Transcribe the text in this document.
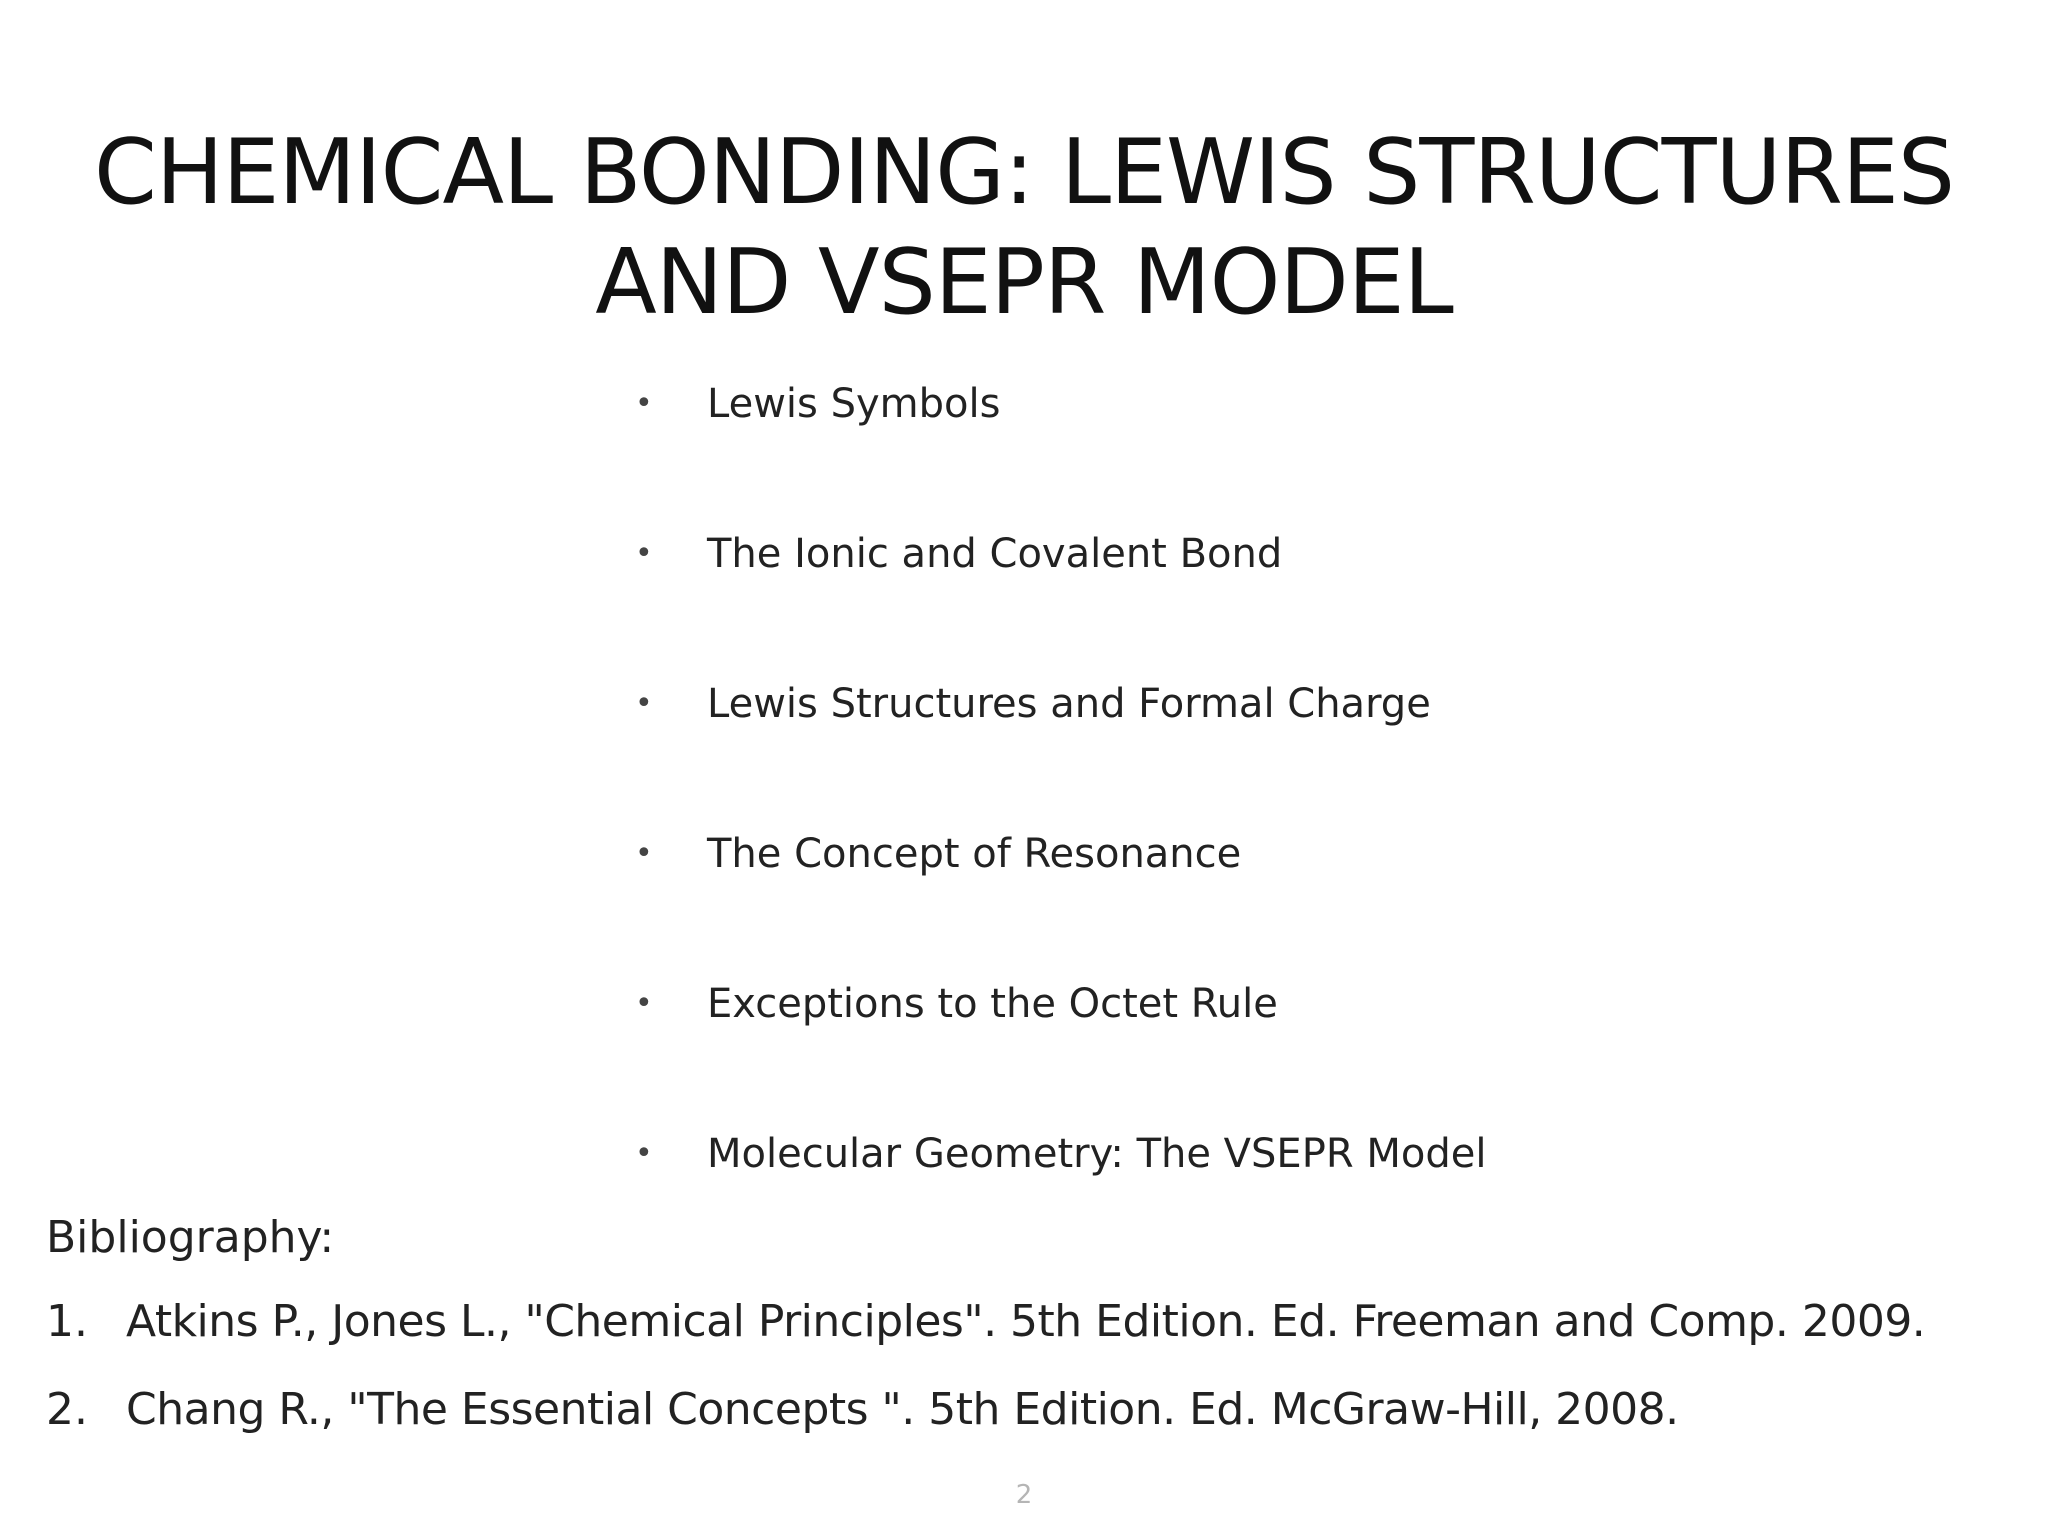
CHEMICAL BONDING: LEWIS STRUCTURES
AND VSEPR MODEL
•	Lewis Symbols
•	The Ionic and Covalent Bond
•	Lewis Structures and Formal Charge
•	The Concept of Resonance
•	Exceptions to the Octet Rule
•	Molecular Geometry: The VSEPR Model
Bibliography:
1. Atkins P., Jones L., "Chemical Principles". 5th Edition. Ed. Freeman and Comp. 2009.
2. Chang R., "The Essential Concepts ". 5th Edition. Ed. McGraw-Hill, 2008.
2
